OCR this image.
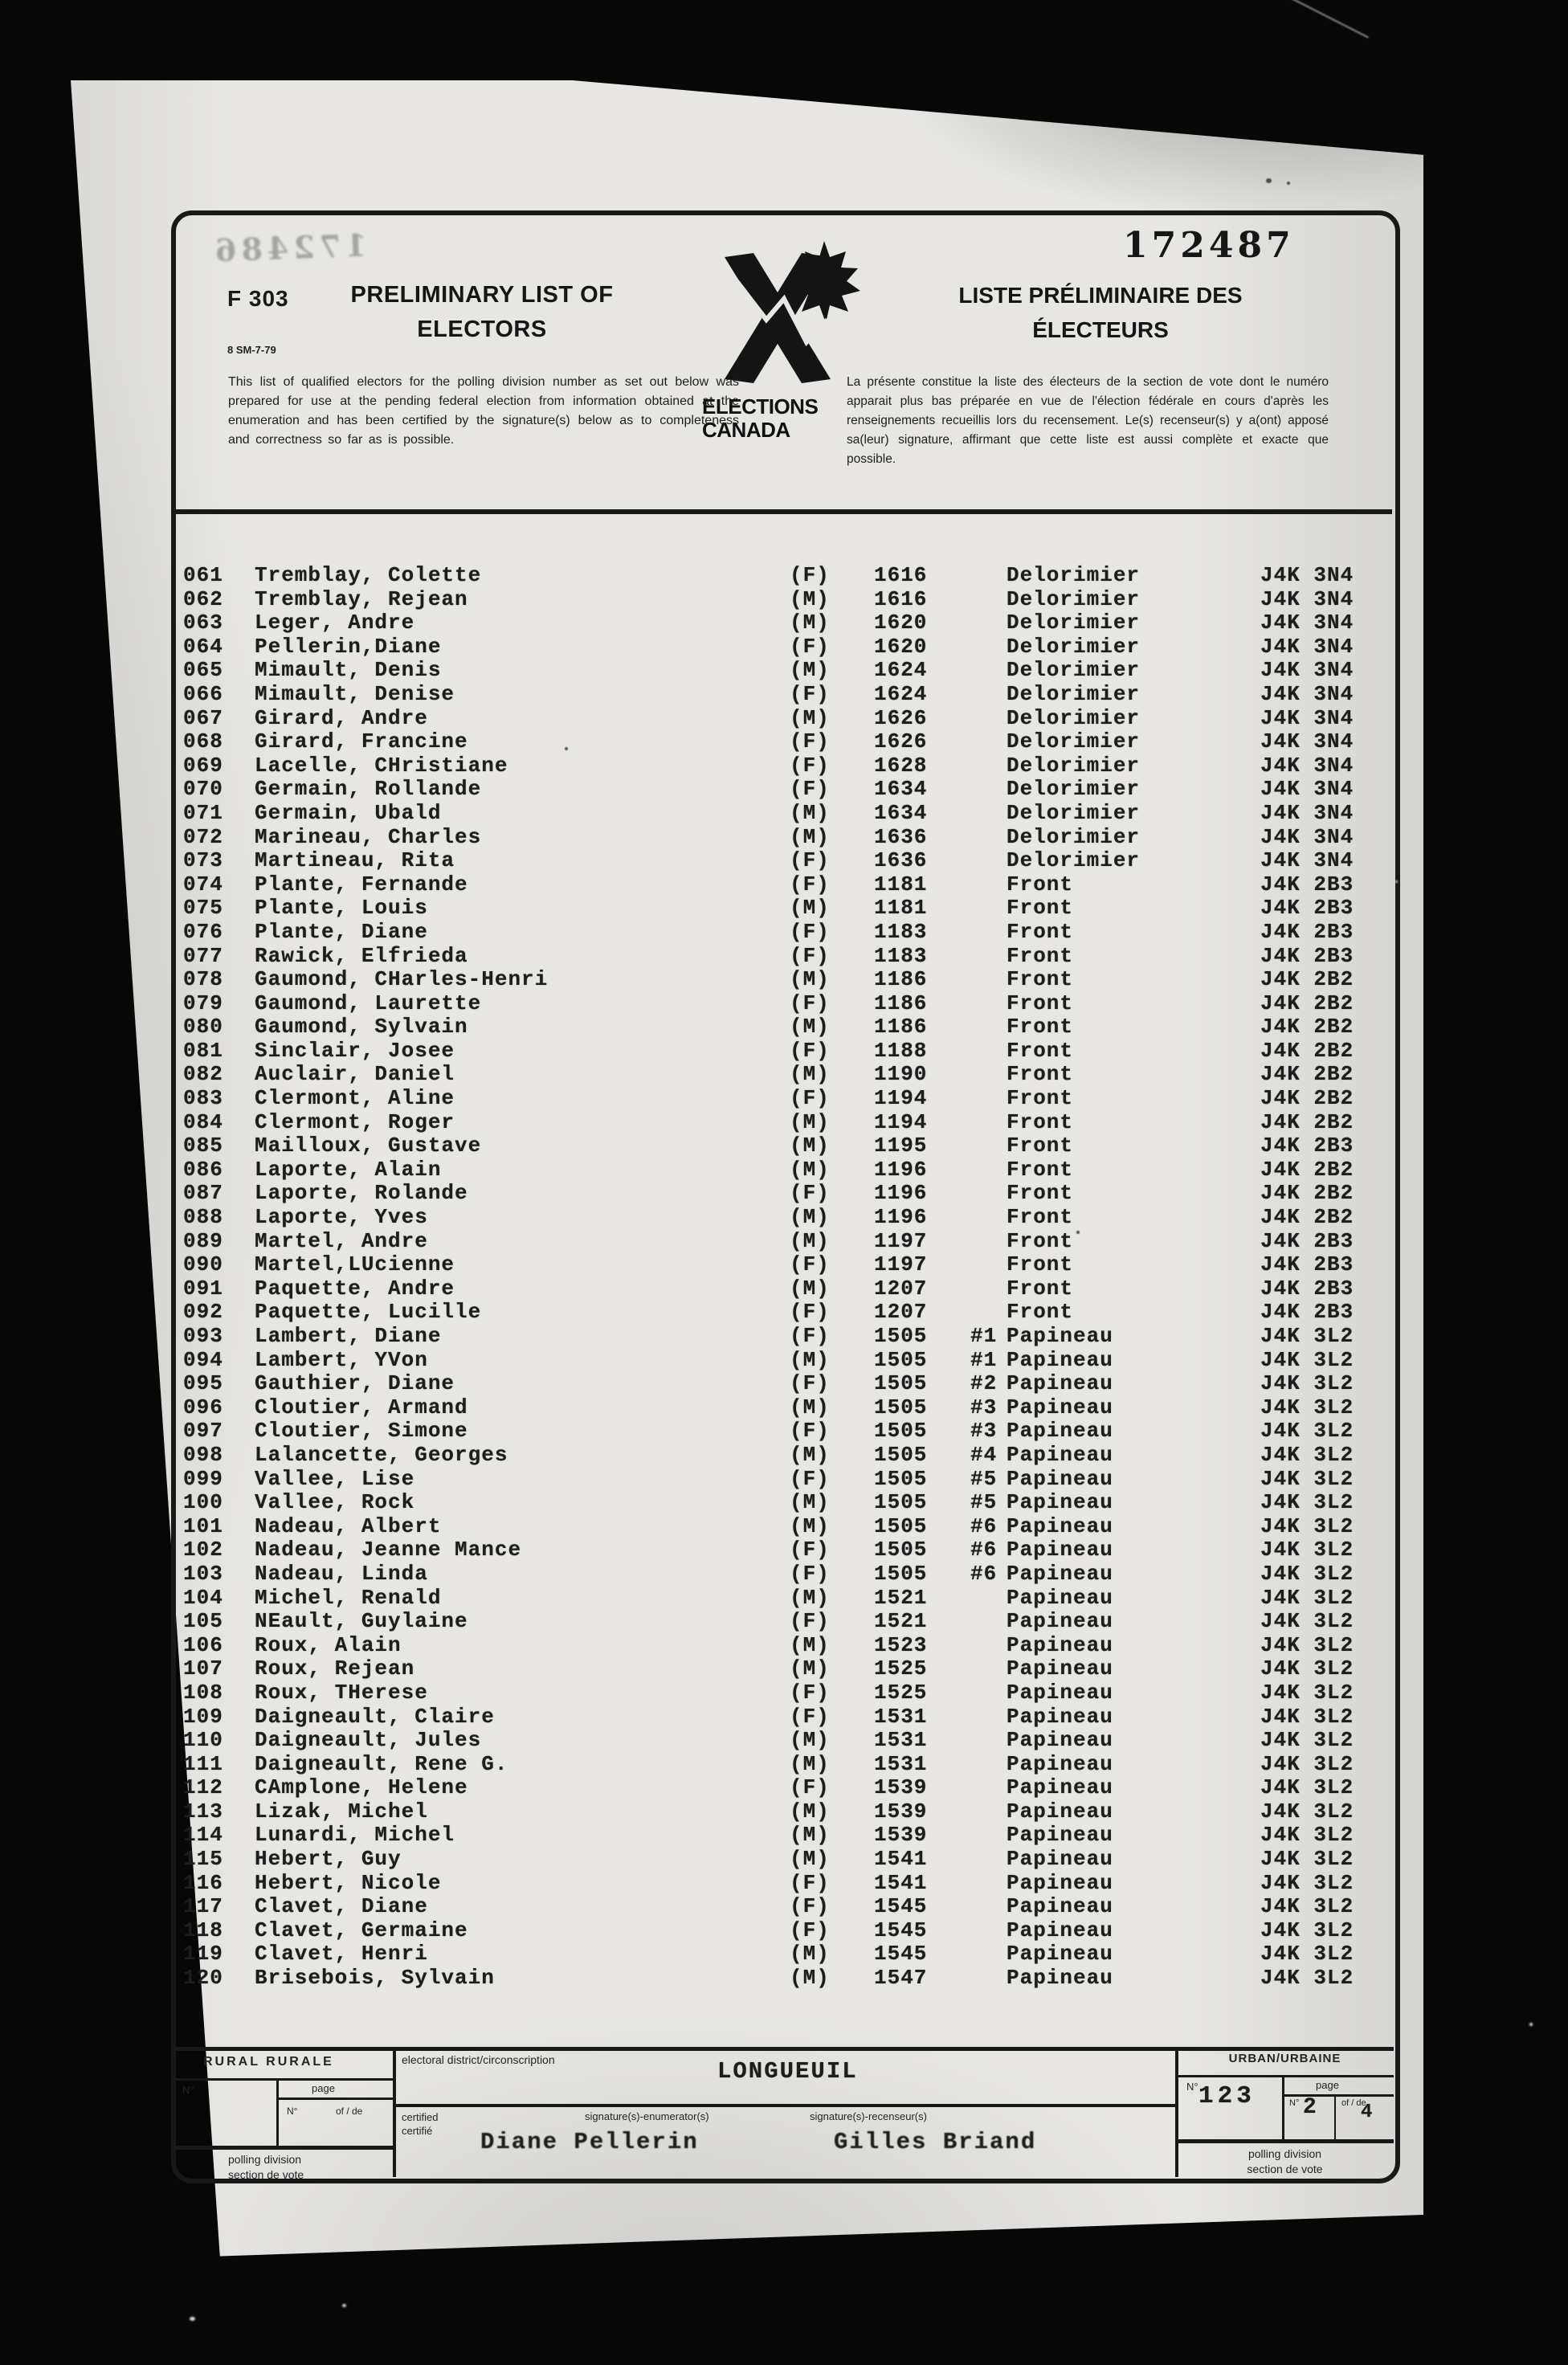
172486	172487
F 303	PRELIMINARY LIST OF
ELECTORS
8 SM-7-79
ELECTIONS
CANADA
LISTE PRÉLIMINAIRE DES
ÉLECTEURS
This list of qualified electors for the polling division number as set out below was prepared for use at the pending federal election from information obtained at the enumeration and has been certified by the signature(s) below as to completeness and correctness so far as is possible.
La présente constitue la liste des électeurs de la section de vote dont le numéro apparait plus bas préparée en vue de l'élection fédérale en cours d'après les renseignements recueillis lors du recensement. Le(s) recenseur(s) y a(ont) apposé sa(leur) signature, affirmant que cette liste est aussi complète et exacte que possible.
061 Tremblay, Colette	(F) 1616	Delorimier	J4K 3N4
062 Tremblay, Rejean	(M) 1616	Delorimier	J4K 3N4
063 Leger, Andre	(M) 1620	Delorimier	J4K 3N4
064 Pellerin,Diane	(F) 1620	Delorimier	J4K 3N4
065 Mimault, Denis	(M) 1624	Delorimier	J4K 3N4
066 Mimault, Denise	(F) 1624	Delorimier	J4K 3N4
067 Girard, Andre	(M) 1626	Delorimier	J4K 3N4
068 Girard, Francine	(F) 1626	Delorimier	J4K 3N4
069 Lacelle, CHristiane	(F) 1628	Delorimier	J4K 3N4
070 Germain, Rollande	(F) 1634	Delorimier	J4K 3N4
071 Germain, Ubald	(M) 1634	Delorimier	J4K 3N4
072 Marineau, Charles	(M) 1636	Delorimier	J4K 3N4
073 Martineau, Rita	(F) 1636	Delorimier	J4K 3N4
074 Plante, Fernande	(F) 1181	Front	J4K 2B3
075 Plante, Louis	(M) 1181	Front	J4K 2B3
076 Plante, Diane	(F) 1183	Front	J4K 2B3
077 Rawick, Elfrieda	(F) 1183	Front	J4K 2B3
078 Gaumond, CHarles-Henri	(M) 1186	Front	J4K 2B2
079 Gaumond, Laurette	(F) 1186	Front	J4K 2B2
080 Gaumond, Sylvain	(M) 1186	Front	J4K 2B2
081 Sinclair, Josee	(F) 1188	Front	J4K 2B2
082 Auclair, Daniel	(M) 1190	Front	J4K 2B2
083 Clermont, Aline	(F) 1194	Front	J4K 2B2
084 Clermont, Roger	(M) 1194	Front	J4K 2B2
085 Mailloux, Gustave	(M) 1195	Front	J4K 2B3
086 Laporte, Alain	(M) 1196	Front	J4K 2B2
087 Laporte, Rolande	(F) 1196	Front	J4K 2B2
088 Laporte, Yves	(M) 1196	Front	J4K 2B2
089 Martel, Andre	(M) 1197	Front	J4K 2B3
090 Martel,LUcienne	(F) 1197	Front	J4K 2B3
091 Paquette, Andre	(M) 1207	Front	J4K 2B3
092 Paquette, Lucille	(F) 1207	Front	J4K 2B3
093 Lambert, Diane	(F) 1505 #1 Papineau	J4K 3L2
094 Lambert, YVon	(M) 1505 #1 Papineau	J4K 3L2
095 Gauthier, Diane	(F) 1505 #2 Papineau	J4K 3L2
096 Cloutier, Armand	(M) 1505 #3 Papineau	J4K 3L2
097 Cloutier, Simone	(F) 1505 #3 Papineau	J4K 3L2
098 Lalancette, Georges	(M) 1505 #4 Papineau	J4K 3L2
099 Vallee, Lise	(F) 1505 #5 Papineau	J4K 3L2
100 Vallee, Rock	(M) 1505 #5 Papineau	J4K 3L2
101 Nadeau, Albert	(M) 1505 #6 Papineau	J4K 3L2
102 Nadeau, Jeanne Mance	(F) 1505 #6 Papineau	J4K 3L2
103 Nadeau, Linda	(F) 1505 #6 Papineau	J4K 3L2
104 Michel, Renald	(M) 1521	Papineau	J4K 3L2
105 NEault, Guylaine	(F) 1521	Papineau	J4K 3L2
106 Roux, Alain	(M) 1523	Papineau	J4K 3L2
107 Roux, Rejean	(M) 1525	Papineau	J4K 3L2
108 Roux, THerese	(F) 1525	Papineau	J4K 3L2
109 Daigneault, Claire	(F) 1531	Papineau	J4K 3L2
110 Daigneault, Jules	(M) 1531	Papineau	J4K 3L2
111 Daigneault, Rene G.	(M) 1531	Papineau	J4K 3L2
112 CAmplone, Helene	(F) 1539	Papineau	J4K 3L2
113 Lizak, Michel	(M) 1539	Papineau	J4K 3L2
114 Lunardi, Michel	(M) 1539	Papineau	J4K 3L2
115 Hebert, Guy	(M) 1541	Papineau	J4K 3L2
116 Hebert, Nicole	(F) 1541	Papineau	J4K 3L2
117 Clavet, Diane	(F) 1545	Papineau	J4K 3L2
118 Clavet, Germaine	(F) 1545	Papineau	J4K 3L2
119 Clavet, Henri	(M) 1545	Papineau	J4K 3L2
120 Brisebois, Sylvain	(M) 1547	Papineau	J4K 3L2
RURAL RURALE
N°	page
N°	of / de
polling division
section de vote
electoral district/circonscription	LONGUEUIL
certified
certifié
signature(s)-enumerator(s)	signature(s)-recenseur(s)
Diane Pellerin	Gilles Briand
URBAN/URBAINE
N°	page
123	N° 2	of / de
4
polling division
section de vote
